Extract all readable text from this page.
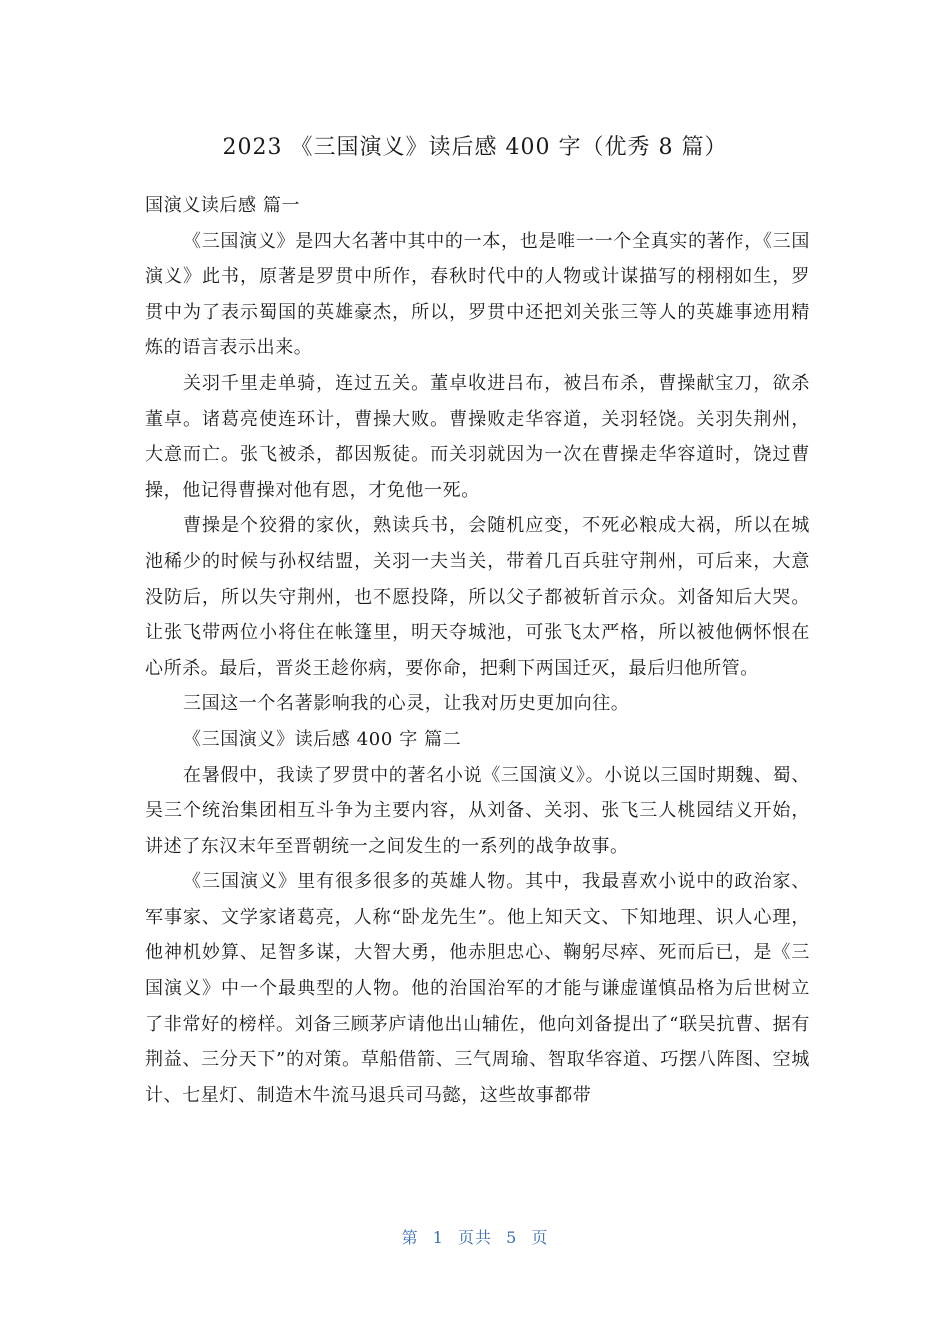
2023 《三国演义》读后感 400 字（优秀 8 篇）

国演义读后感 篇一

《三国演义》是四大名著中其中的一本，也是唯一一个全真实的著作，《三国演义》此书，原著是罗贯中所作，春秋时代中的人物或计谋描写的栩栩如生，罗贯中为了表示蜀国的英雄豪杰，所以，罗贯中还把刘关张三等人的英雄事迹用精炼的语言表示出来。

关羽千里走单骑，连过五关。董卓收进吕布，被吕布杀，曹操献宝刀，欲杀董卓。诸葛亮使连环计，曹操大败。曹操败走华容道，关羽轻饶。关羽失荆州，大意而亡。张飞被杀，都因叛徒。而关羽就因为一次在曹操走华容道时，饶过曹操，他记得曹操对他有恩，才免他一死。

曹操是个狡猾的家伙，熟读兵书，会随机应变，不死必粮成大祸，所以在城池稀少的时候与孙权结盟，关羽一夫当关，带着几百兵驻守荆州，可后来，大意没防后，所以失守荆州，也不愿投降，所以父子都被斩首示众。刘备知后大哭。让张飞带两位小将住在帐篷里，明天夺城池，可张飞太严格，所以被他俩怀恨在心所杀。最后，晋炎王趁你病，要你命，把剩下两国迁灭，最后归他所管。

三国这一个名著影响我的心灵，让我对历史更加向往。

《三国演义》读后感 400 字 篇二

在暑假中，我读了罗贯中的著名小说《三国演义》。小说以三国时期魏、蜀、吴三个统治集团相互斗争为主要内容，从刘备、关羽、张飞三人桃园结义开始，讲述了东汉末年至晋朝统一之间发生的一系列的战争故事。

《三国演义》里有很多很多的英雄人物。其中，我最喜欢小说中的政治家、军事家、文学家诸葛亮，人称“卧龙先生”。他上知天文、下知地理、识人心理，他神机妙算、足智多谋，大智大勇，他赤胆忠心、鞠躬尽瘁、死而后已，是《三国演义》中一个最典型的人物。他的治国治军的才能与谦虚谨慎品格为后世树立了非常好的榜样。刘备三顾茅庐请他出山辅佐，他向刘备提出了“联吴抗曹、据有荆益、三分天下”的对策。草船借箭、三气周瑜、智取华容道、巧摆八阵图、空城计、七星灯、制造木牛流马退兵司马懿，这些故事都带

第 1 页共 5 页
